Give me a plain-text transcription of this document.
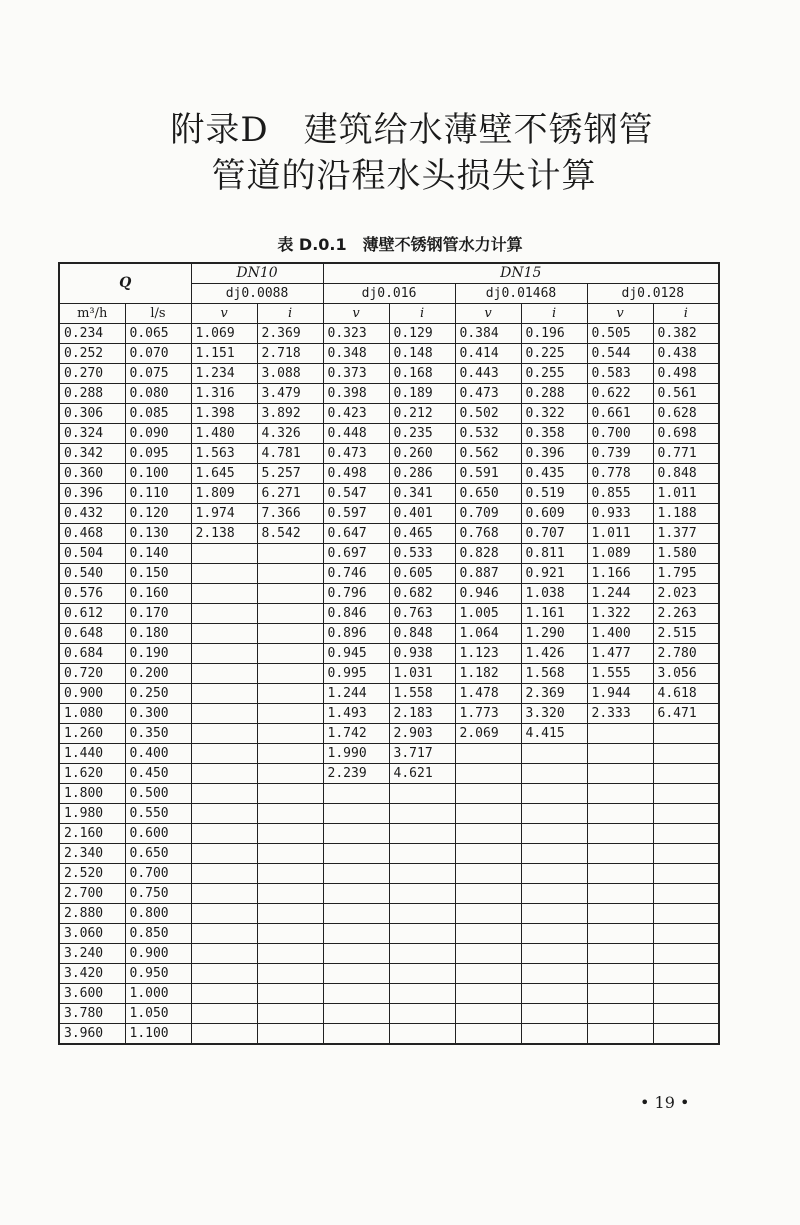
附录D　建筑给水薄壁不锈钢管
管道的沿程水头损失计算
表 D.0.1　薄壁不锈钢管水力计算
Q		DN10		DN15					
		dj0.0088		dj0.016		dj0.01468		dj0.0128	
m³/h	l/s	v	i	v	i	v	i	v	i
0.234	0.065	1.069	2.369	0.323	0.129	0.384	0.196	0.505	0.382
0.252	0.070	1.151	2.718	0.348	0.148	0.414	0.225	0.544	0.438
0.270	0.075	1.234	3.088	0.373	0.168	0.443	0.255	0.583	0.498
0.288	0.080	1.316	3.479	0.398	0.189	0.473	0.288	0.622	0.561
0.306	0.085	1.398	3.892	0.423	0.212	0.502	0.322	0.661	0.628
0.324	0.090	1.480	4.326	0.448	0.235	0.532	0.358	0.700	0.698
0.342	0.095	1.563	4.781	0.473	0.260	0.562	0.396	0.739	0.771
0.360	0.100	1.645	5.257	0.498	0.286	0.591	0.435	0.778	0.848
0.396	0.110	1.809	6.271	0.547	0.341	0.650	0.519	0.855	1.011
0.432	0.120	1.974	7.366	0.597	0.401	0.709	0.609	0.933	1.188
0.468	0.130	2.138	8.542	0.647	0.465	0.768	0.707	1.011	1.377
0.504	0.140			0.697	0.533	0.828	0.811	1.089	1.580
0.540	0.150			0.746	0.605	0.887	0.921	1.166	1.795
0.576	0.160			0.796	0.682	0.946	1.038	1.244	2.023
0.612	0.170			0.846	0.763	1.005	1.161	1.322	2.263
0.648	0.180			0.896	0.848	1.064	1.290	1.400	2.515
0.684	0.190			0.945	0.938	1.123	1.426	1.477	2.780
0.720	0.200			0.995	1.031	1.182	1.568	1.555	3.056
0.900	0.250			1.244	1.558	1.478	2.369	1.944	4.618
1.080	0.300			1.493	2.183	1.773	3.320	2.333	6.471
1.260	0.350			1.742	2.903	2.069	4.415		
1.440	0.400			1.990	3.717				
1.620	0.450			2.239	4.621				
1.800	0.500								
1.980	0.550								
2.160	0.600								
2.340	0.650								
2.520	0.700								
2.700	0.750								
2.880	0.800								
3.060	0.850								
3.240	0.900								
3.420	0.950								
3.600	1.000								
3.780	1.050								
3.960	1.100								
• 19 •
